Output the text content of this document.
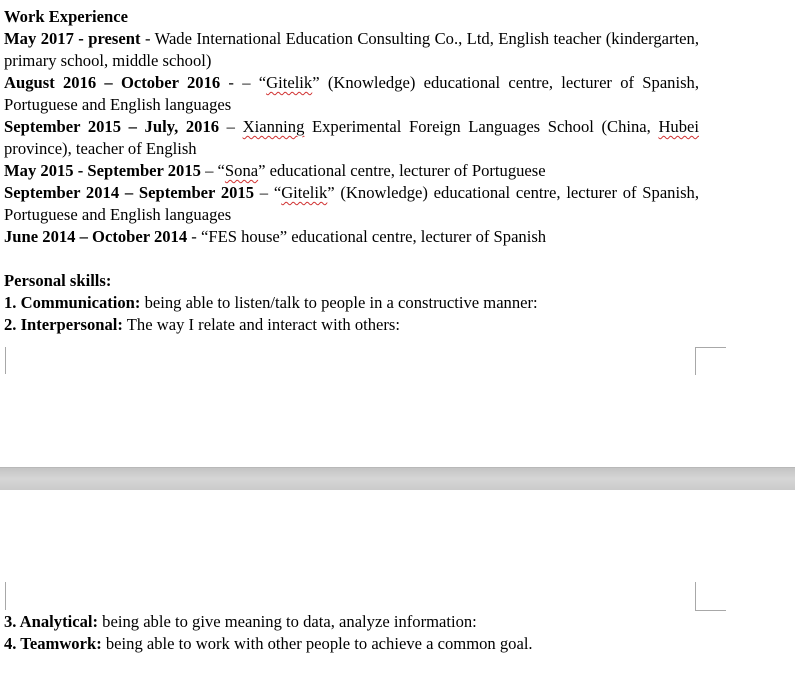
Work Experience

May 2017 - present - Wade International Education Consulting Co., Ltd, English teacher (kindergarten, primary school, middle school)

August 2016 – October 2016 - – “Gitelik” (Knowledge) educational centre, lecturer of Spanish, Portuguese and English languages

September 2015 – July, 2016 – Xianning Experimental Foreign Languages School (China, Hubei province), teacher of English

May 2015 - September 2015 – “Sona” educational centre, lecturer of Portuguese

September 2014 – September 2015 – “Gitelik” (Knowledge) educational centre, lecturer of Spanish, Portuguese and English languages

June 2014 – October 2014 - “FES house” educational centre, lecturer of Spanish

Personal skills:

1. Communication: being able to listen/talk to people in a constructive manner:

2. Interpersonal: The way I relate and interact with others:

3. Analytical: being able to give meaning to data, analyze information:

4. Teamwork: being able to work with other people to achieve a common goal.
